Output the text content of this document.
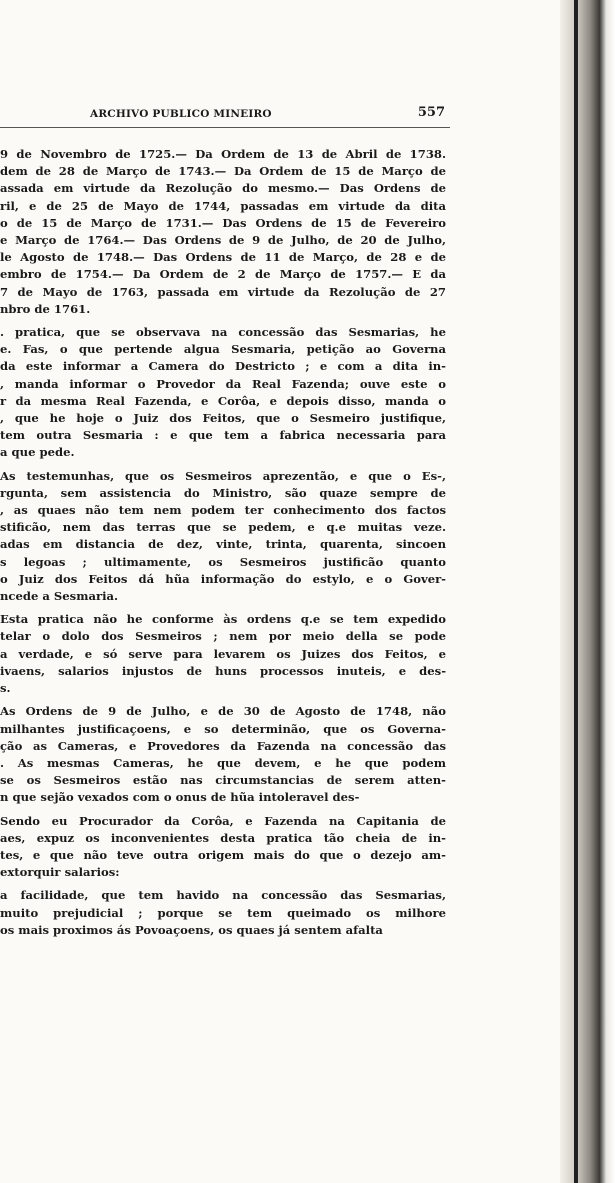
ARCHIVO PUBLICO MINEIRO	557

9 de Novembro de 1725.— Da Ordem de 13 de Abril de 1738.
dem de 28 de Março de 1743.— Da Ordem de 15 de Março de
assada em virtude da Rezolução do mesmo.— Das Ordens de
ril, e de 25 de Mayo de 1744, passadas em virtude da dita
o de 15 de Março de 1731.— Das Ordens de 15 de Fevereiro
e Março de 1764.— Das Ordens de 9 de Julho, de 20 de Julho,
le Agosto de 1748.— Das Ordens de 11 de Março, de 28 e de
embro de 1754.— Da Ordem de 2 de Março de 1757.— E da
7 de Mayo de 1763, passada em virtude da Rezolução de 27
nbro de 1761.

. pratica, que se observava na concessão das Sesmarias, he
e. Fas, o que pertende algua Sesmaria, petição ao Governa
da este informar a Camera do Destricto ; e com a dita in-
, manda informar o Provedor da Real Fazenda; ouve este o
r da mesma Real Fazenda, e Corôa, e depois disso, manda o
, que he hoje o Juiz dos Feitos, que o Sesmeiro justifique,
tem outra Sesmaria : e que tem a fabrica necessaria para
a que pede.

As testemunhas, que os Sesmeiros aprezentão, e que o Es-,
rgunta, sem assistencia do Ministro, são quaze sempre de
, as quaes não tem nem podem ter conhecimento dos factos
stificão, nem das terras que se pedem, e q.e muitas veze.
adas em distancia de dez, vinte, trinta, quarenta, sincoen
s legoas ; ultimamente, os Sesmeiros justificão quanto
o Juiz dos Feitos dá hũa informação do estylo, e o Gover-
ncede a Sesmaria.

Esta pratica não he conforme às ordens q.e se tem expedido
telar o dolo dos Sesmeiros ; nem por meio della se pode
a verdade, e só serve para levarem os Juizes dos Feitos, e
ivaens, salarios injustos de huns processos inuteis, e des-
s.

As Ordens de 9 de Julho, e de 30 de Agosto de 1748, não
milhantes justificaçoens, e so determinão, que os Governa-
ção as Cameras, e Provedores da Fazenda na concessão das
. As mesmas Cameras, he que devem, e he que podem
se os Sesmeiros estão nas circumstancias de serem atten-
n que sejão vexados com o onus de hũa intoleravel des-

Sendo eu Procurador da Corôa, e Fazenda na Capitania de
aes, expuz os inconvenientes desta pratica tão cheia de in-
tes, e que não teve outra origem mais do que o dezejo am-
extorquir salarios:

a facilidade, que tem havido na concessão das Sesmarias,
muito prejudicial ; porque se tem queimado os milhore
os mais proximos ás Povoaçoens, os quaes já sentem afalta
